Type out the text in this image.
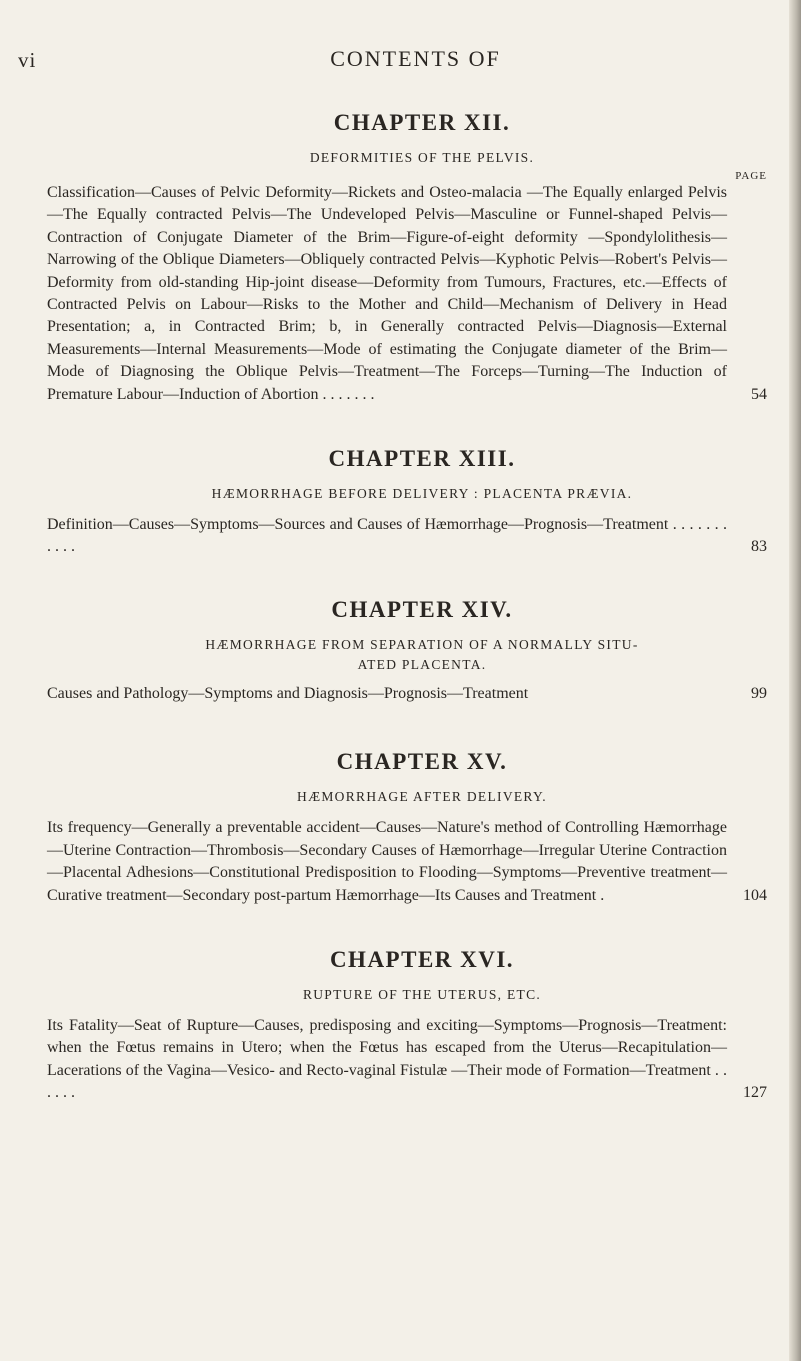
vi	CONTENTS OF
CHAPTER XII.

DEFORMITIES OF THE PELVIS.

PAGE

Classification—Causes of Pelvic Deformity—Rickets and Osteo-malacia —The Equally enlarged Pelvis—The Equally contracted Pelvis—The Undeveloped Pelvis—Masculine or Funnel-shaped Pelvis—Contraction of Conjugate Diameter of the Brim—Figure-of-eight deformity —Spondylolithesis—Narrowing of the Oblique Diameters—Obliquely contracted Pelvis—Kyphotic Pelvis—Robert's Pelvis—Deformity from old-standing Hip-joint disease—Deformity from Tumours, Fractures, etc.—Effects of Contracted Pelvis on Labour—Risks to the Mother and Child—Mechanism of Delivery in Head Presentation; a, in Contracted Brim; b, in Generally contracted Pelvis—Diagnosis—External Measurements—Internal Measurements—Mode of estimating the Conjugate diameter of the Brim—Mode of Diagnosing the Oblique Pelvis—Treatment—The Forceps—Turning—The Induction of Premature Labour—Induction of Abortion . . . . . . .	54

CHAPTER XIII.

HÆMORRHAGE BEFORE DELIVERY : PLACENTA PRÆVIA.

Definition—Causes—Symptoms—Sources and Causes of Hæmorrhage—Prognosis—Treatment . . . . . . . . . . .	83

CHAPTER XIV.

HÆMORRHAGE FROM SEPARATION OF A NORMALLY SITU-

ATED PLACENTA.

Causes and Pathology—Symptoms and Diagnosis—Prognosis—Treatment	99

CHAPTER XV.

HÆMORRHAGE AFTER DELIVERY.

Its frequency—Generally a preventable accident—Causes—Nature's method of Controlling Hæmorrhage—Uterine Contraction—Thrombosis—Secondary Causes of Hæmorrhage—Irregular Uterine Contraction—Placental Adhesions—Constitutional Predisposition to Flooding—Symptoms—Preventive treatment—Curative treatment—Secondary post-partum Hæmorrhage—Its Causes and Treatment .	104

CHAPTER XVI.

RUPTURE OF THE UTERUS, ETC.

Its Fatality—Seat of Rupture—Causes, predisposing and exciting—Symptoms—Prognosis—Treatment: when the Fœtus remains in Utero; when the Fœtus has escaped from the Uterus—Recapitulation—Lacerations of the Vagina—Vesico- and Recto-vaginal Fistulæ —Their mode of Formation—Treatment . . . . . .	127
